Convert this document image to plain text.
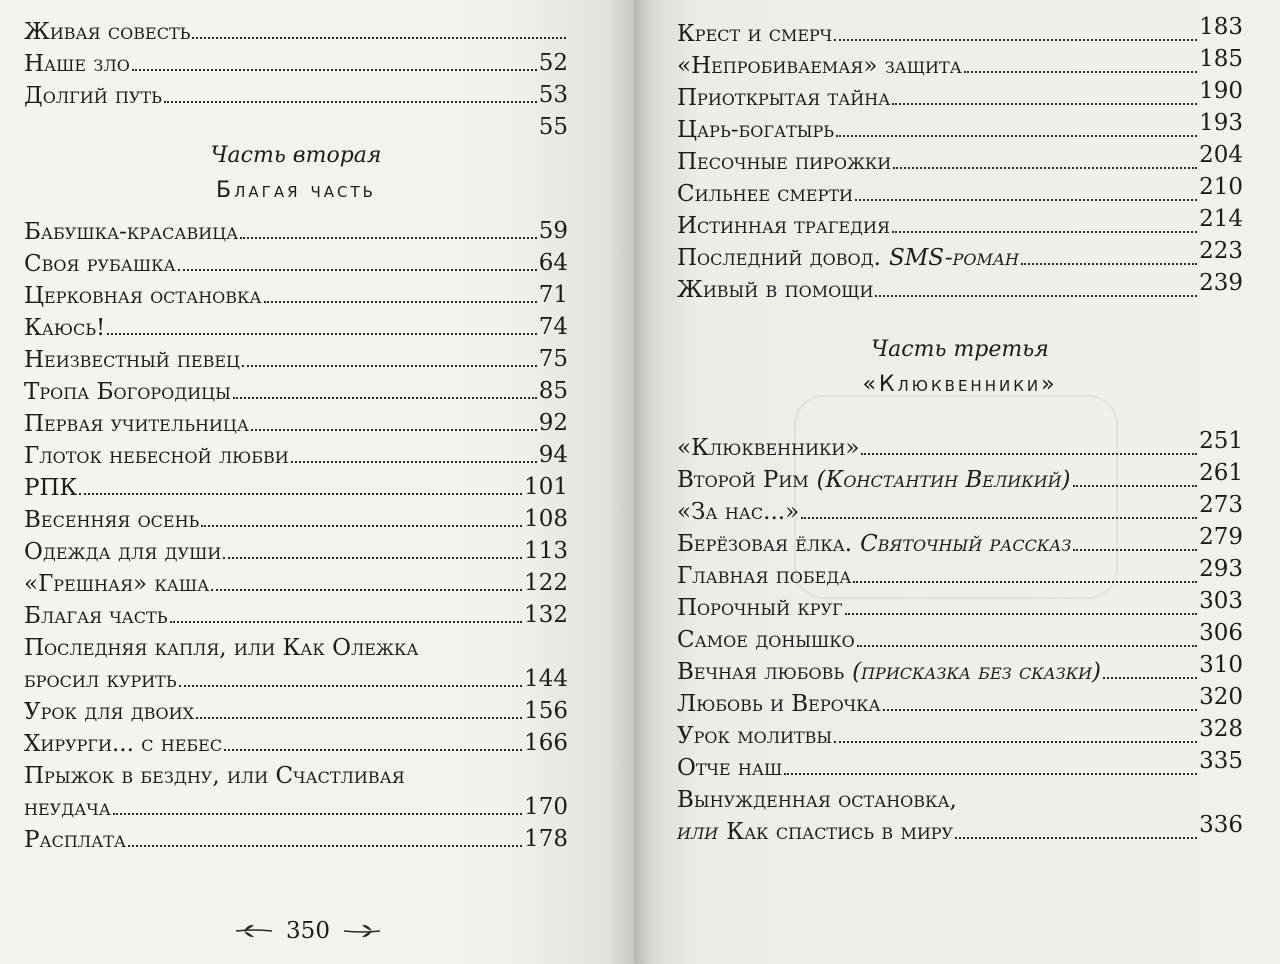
Живая совесть
Наше зло	52
Долгий путь	53
55
Часть вторая
Благая часть
Бабушка-красавица	59
Своя рубашка	64
Церковная остановка	71
Каюсь!	74
Неизвестный певец	75
Тропа Богородицы	85
Первая учительница	92
Глоток небесной любви	94
РПК	101
Весенняя осень	108
Одежда для души	113
«Грешная» каша	122
Благая часть	132
Последняя капля, или Как Олежка
бросил курить	144
Урок для двоих	156
Хирурги... с небес	166
Прыжок в бездну, или Счастливая
неудача	170
Расплата	178
350
Крест и смерч	183
«Непробиваемая» защита	185
Приоткрытая тайна	190
Царь-богатырь	193
Песочные пирожки	204
Сильнее смерти	210
Истинная трагедия	214
Последний довод. SMS-роман	223
Живый в помощи	239
Часть третья
«Клюквенники»
«Клюквенники»	251
Второй Рим (Константин Великий)	261
«За нас...»	273
Берёзовая ёлка. Святочный рассказ	279
Главная победа	293
Порочный круг	303
Самое донышко	306
Вечная любовь (присказка без сказки)	310
Любовь и Верочка	320
Урок молитвы	328
Отче наш	335
Вынужденная остановка,
или Как спастись в миру	336
